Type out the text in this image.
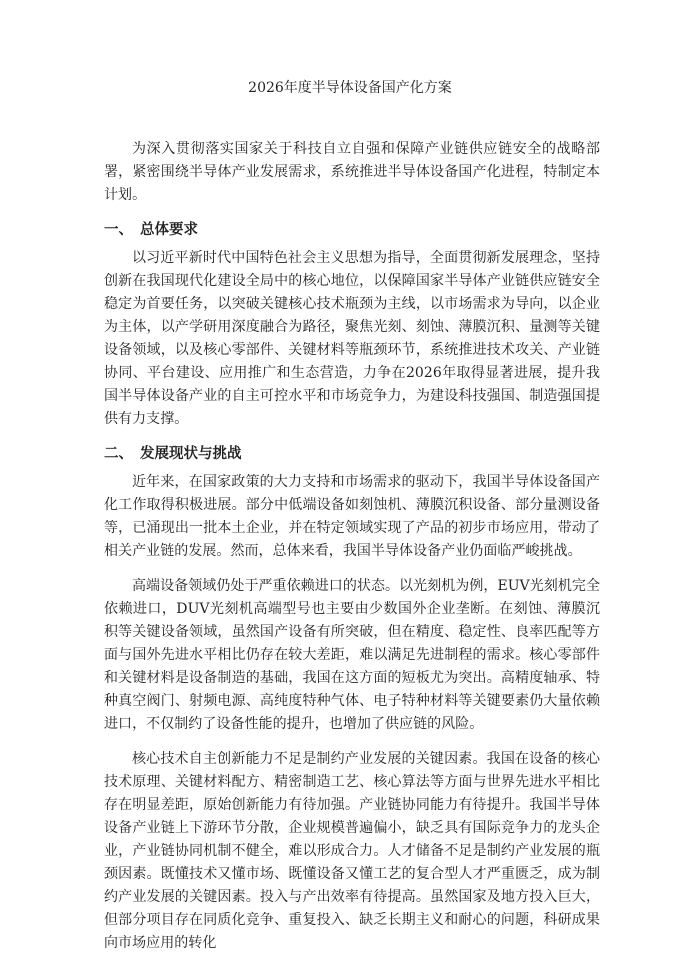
2026年度半导体设备国产化方案

为深入贯彻落实国家关于科技自立自强和保障产业链供应链安全的战略部署，紧密围绕半导体产业发展需求，系统推进半导体设备国产化进程，特制定本计划。

一、 总体要求

以习近平新时代中国特色社会主义思想为指导，全面贯彻新发展理念，坚持创新在我国现代化建设全局中的核心地位，以保障国家半导体产业链供应链安全稳定为首要任务，以突破关键核心技术瓶颈为主线，以市场需求为导向，以企业为主体，以产学研用深度融合为路径，聚焦光刻、刻蚀、薄膜沉积、量测等关键设备领域，以及核心零部件、关键材料等瓶颈环节，系统推进技术攻关、产业链协同、平台建设、应用推广和生态营造，力争在2026年取得显著进展，提升我国半导体设备产业的自主可控水平和市场竞争力，为建设科技强国、制造强国提供有力支撑。

二、 发展现状与挑战

近年来，在国家政策的大力支持和市场需求的驱动下，我国半导体设备国产化工作取得积极进展。部分中低端设备如刻蚀机、薄膜沉积设备、部分量测设备等，已涌现出一批本土企业，并在特定领域实现了产品的初步市场应用，带动了相关产业链的发展。然而，总体来看，我国半导体设备产业仍面临严峻挑战。

高端设备领域仍处于严重依赖进口的状态。以光刻机为例，EUV光刻机完全依赖进口，DUV光刻机高端型号也主要由少数国外企业垄断。在刻蚀、薄膜沉积等关键设备领域，虽然国产设备有所突破，但在精度、稳定性、良率匹配等方面与国外先进水平相比仍存在较大差距，难以满足先进制程的需求。核心零部件和关键材料是设备制造的基础，我国在这方面的短板尤为突出。高精度轴承、特种真空阀门、射频电源、高纯度特种气体、电子特种材料等关键要素仍大量依赖进口，不仅制约了设备性能的提升，也增加了供应链的风险。

核心技术自主创新能力不足是制约产业发展的关键因素。我国在设备的核心技术原理、关键材料配方、精密制造工艺、核心算法等方面与世界先进水平相比存在明显差距，原始创新能力有待加强。产业链协同能力有待提升。我国半导体设备产业链上下游环节分散，企业规模普遍偏小，缺乏具有国际竞争力的龙头企业，产业链协同机制不健全，难以形成合力。人才储备不足是制约产业发展的瓶颈因素。既懂技术又懂市场、既懂设备又懂工艺的复合型人才严重匮乏，成为制约产业发展的关键因素。投入与产出效率有待提高。虽然国家及地方投入巨大，但部分项目存在同质化竞争、重复投入、缺乏长期主义和耐心的问题，科研成果向市场应用的转化
